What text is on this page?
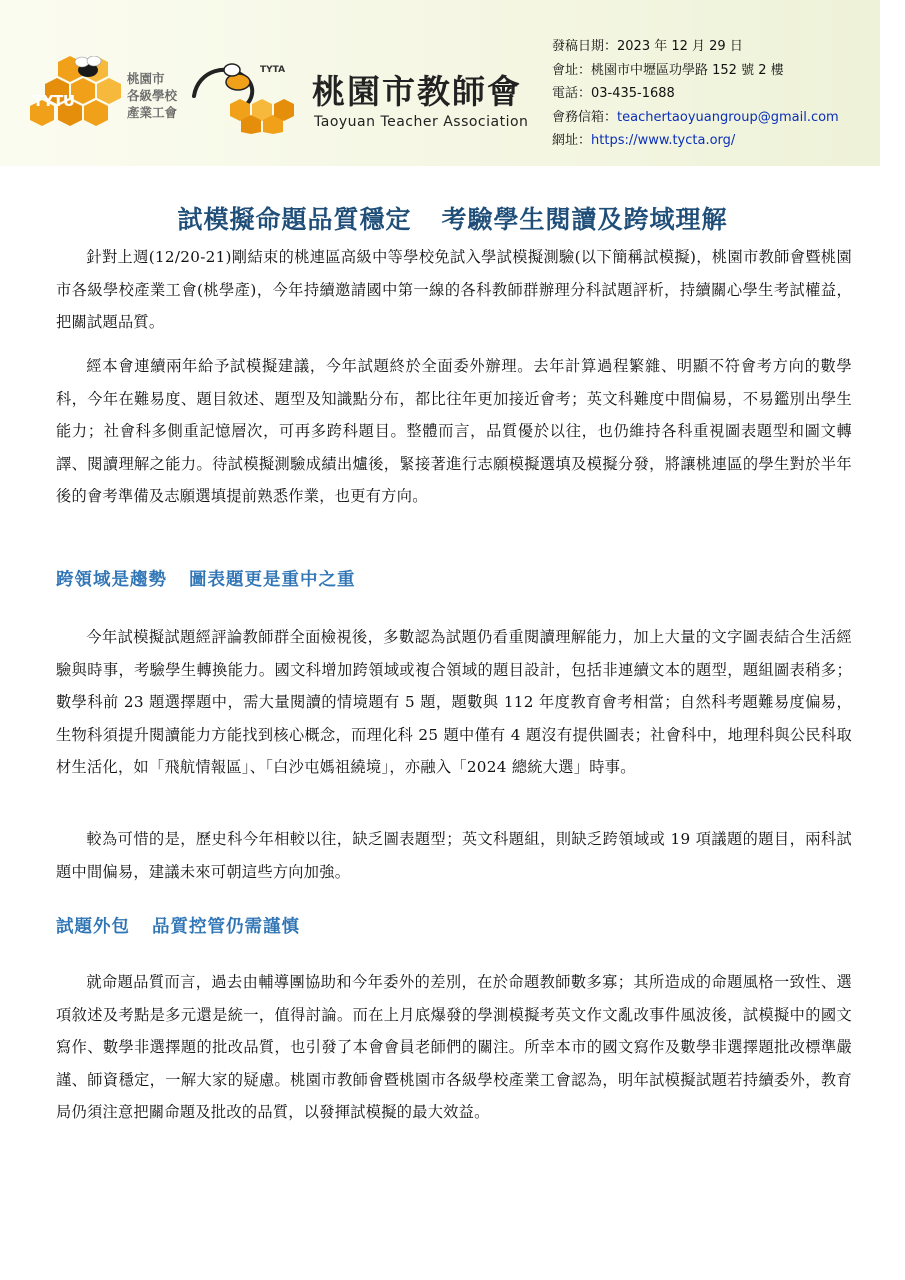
TYTU
桃園市
各級學校
產業工會
TYTA
桃園市教師會
Taoyuan Teacher Association
發稿日期：2023 年 12 月 29 日
會址：桃園市中壢區功學路 152 號 2 樓
電話：03-435-1688
會務信箱：teachertaoyuangroup@gmail.com
網址：https://www.tycta.org/
試模擬命題品質穩定 考驗學生閱讀及跨域理解

針對上週(12/20-21)剛結束的桃連區高級中等學校免試入學試模擬測驗(以下簡稱試模擬)，桃園市教師會暨桃園市各級學校產業工會(桃學產)，今年持續邀請國中第一線的各科教師群辦理分科試題評析，持續關心學生考試權益，把關試題品質。

經本會連續兩年給予試模擬建議，今年試題終於全面委外辦理。去年計算過程繁雜、明顯不符會考方向的數學科，今年在難易度、題目敘述、題型及知識點分布，都比往年更加接近會考；英文科難度中間偏易，不易鑑別出學生能力；社會科多側重記憶層次，可再多跨科題目。整體而言，品質優於以往，也仍維持各科重視圖表題型和圖文轉譯、閱讀理解之能力。待試模擬測驗成績出爐後，緊接著進行志願模擬選填及模擬分發，將讓桃連區的學生對於半年後的會考準備及志願選填提前熟悉作業，也更有方向。

跨領域是趨勢 圖表題更是重中之重

今年試模擬試題經評論教師群全面檢視後，多數認為試題仍看重閱讀理解能力，加上大量的文字圖表結合生活經驗與時事，考驗學生轉換能力。國文科增加跨領域或複合領域的題目設計，包括非連續文本的題型，題組圖表稍多；數學科前 23 題選擇題中，需大量閱讀的情境題有 5 題，題數與 112 年度教育會考相當；自然科考題難易度偏易，生物科須提升閱讀能力方能找到核心概念，而理化科 25 題中僅有 4 題沒有提供圖表；社會科中，地理科與公民科取材生活化，如「飛航情報區」、「白沙屯媽祖繞境」，亦融入「2024 總統大選」時事。

較為可惜的是，歷史科今年相較以往，缺乏圖表題型；英文科題組，則缺乏跨領域或 19 項議題的題目，兩科試題中間偏易，建議未來可朝這些方向加強。

試題外包 品質控管仍需謹慎

就命題品質而言，過去由輔導團協助和今年委外的差別，在於命題教師數多寡；其所造成的命題風格一致性、選項敘述及考點是多元還是統一，值得討論。而在上月底爆發的學測模擬考英文作文亂改事件風波後，試模擬中的國文寫作、數學非選擇題的批改品質，也引發了本會會員老師們的關注。所幸本市的國文寫作及數學非選擇題批改標準嚴謹、師資穩定，一解大家的疑慮。桃園市教師會暨桃園市各級學校產業工會認為，明年試模擬試題若持續委外，教育局仍須注意把關命題及批改的品質，以發揮試模擬的最大效益。
